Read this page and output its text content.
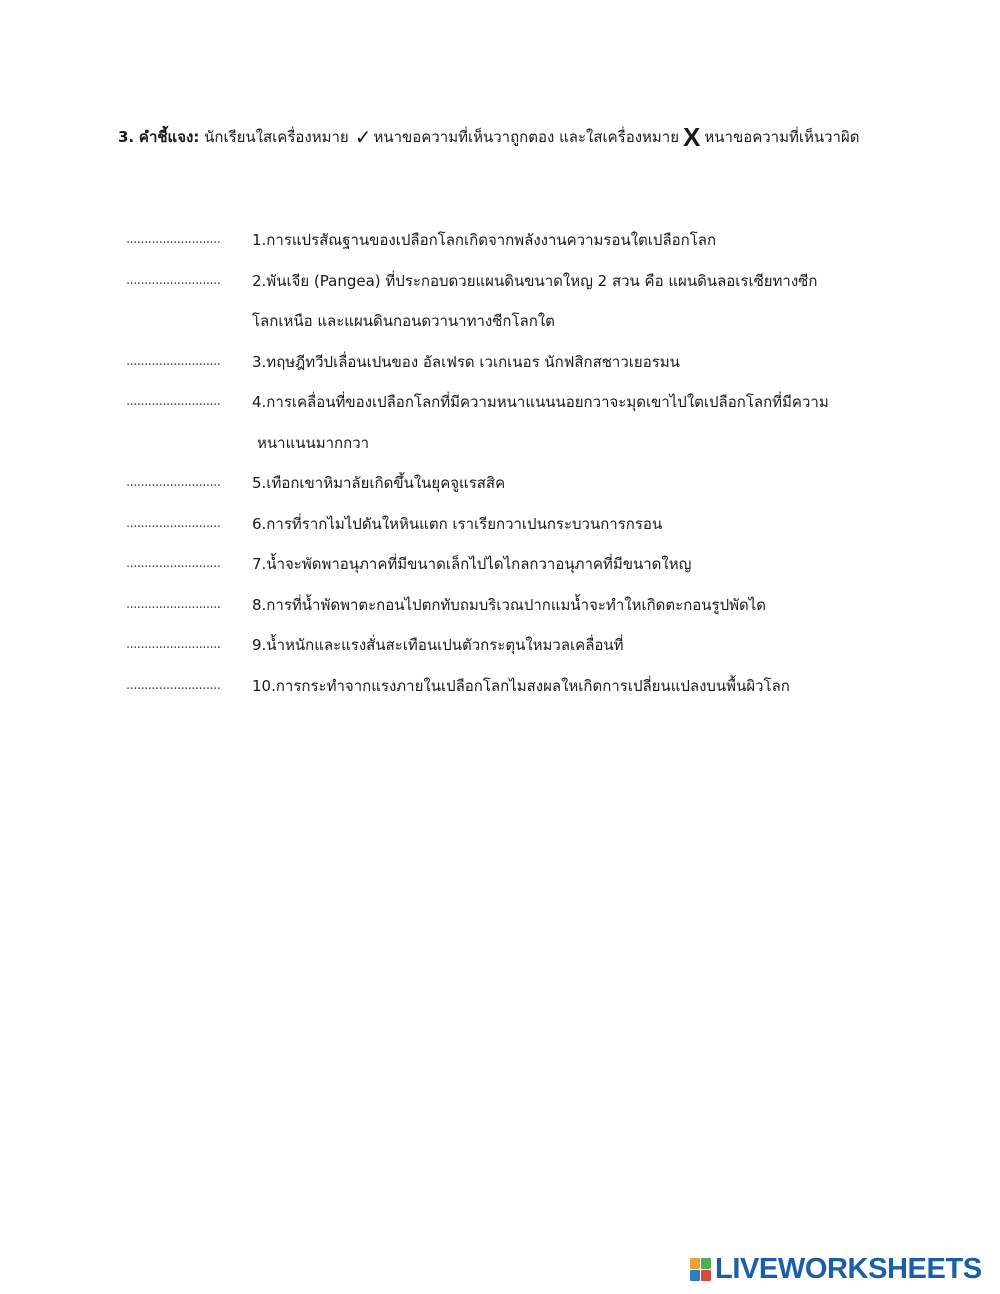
3. คำชี้แจง: นักเรียนใสเครื่องหมาย ✓ หนาขอความที่เห็นวาถูกตอง และใสเครื่องหมาย X หนาขอความที่เห็นวาผิด
..........................	1.การแปรสัณฐานของเปลือกโลกเกิดจากพลังงานความรอนใตเปลือกโลก
..........................	2.พันเจีย (Pangea) ที่ประกอบดวยแผนดินขนาดใหญ 2 สวน คือ แผนดินลอเรเซียทางซีก
โลกเหนือ และแผนดินกอนดวานาทางซีกโลกใต
..........................	3.ทฤษฎีทวีปเลื่อนเปนของ อัลเฟรด เวเกเนอร นักฟสิกสชาวเยอรมน
..........................	4.การเคลื่อนที่ของเปลือกโลกที่มีความหนาแนนนอยกวาจะมุดเขาไปใตเปลือกโลกที่มีความ
หนาแนนมากกวา
..........................	5.เทือกเขาหิมาลัยเกิดขึ้นในยุคจูแรสสิค
..........................	6.การที่รากไมไปดันใหหินแตก เราเรียกวาเปนกระบวนการกรอน
..........................	7.น้ำจะพัดพาอนุภาคที่มีขนาดเล็กไปไดไกลกวาอนุภาคที่มีขนาดใหญ
..........................	8.การที่น้ำพัดพาตะกอนไปตกทับถมบริเวณปากแมน้ำจะทำใหเกิดตะกอนรูปพัดได
..........................	9.น้ำหนักและแรงสั่นสะเทือนเปนตัวกระตุนใหมวลเคลื่อนที่
..........................	10.การกระทำจากแรงภายในเปลือกโลกไมสงผลใหเกิดการเปลี่ยนแปลงบนพื้นผิวโลก
LIVEWORKSHEETS
